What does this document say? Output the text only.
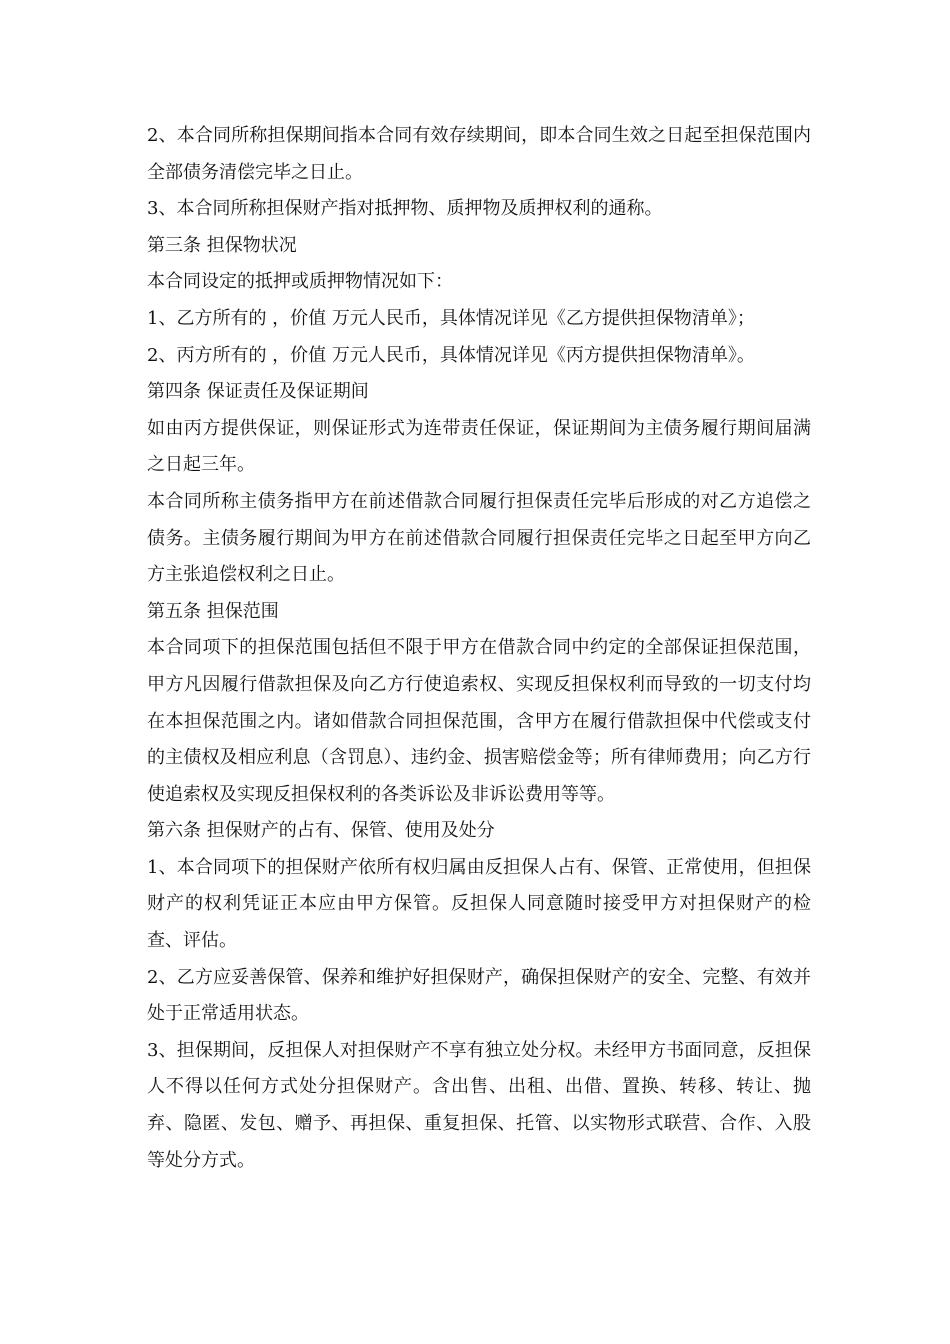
2、本合同所称担保期间指本合同有效存续期间，即本合同生效之日起至担保范围内全部债务清偿完毕之日止。

3、本合同所称担保财产指对抵押物、质押物及质押权利的通称。

第三条 担保物状况

本合同设定的抵押或质押物情况如下：

1、乙方所有的 ，价值 万元人民币，具体情况详见《乙方提供担保物清单》；

2、丙方所有的 ，价值 万元人民币，具体情况详见《丙方提供担保物清单》。

第四条 保证责任及保证期间

如由丙方提供保证，则保证形式为连带责任保证，保证期间为主债务履行期间届满之日起三年。

本合同所称主债务指甲方在前述借款合同履行担保责任完毕后形成的对乙方追偿之债务。主债务履行期间为甲方在前述借款合同履行担保责任完毕之日起至甲方向乙方主张追偿权利之日止。

第五条 担保范围

本合同项下的担保范围包括但不限于甲方在借款合同中约定的全部保证担保范围，甲方凡因履行借款担保及向乙方行使追索权、实现反担保权利而导致的一切支付均在本担保范围之内。诸如借款合同担保范围，含甲方在履行借款担保中代偿或支付的主债权及相应利息（含罚息）、违约金、损害赔偿金等；所有律师费用；向乙方行使追索权及实现反担保权利的各类诉讼及非诉讼费用等等。

第六条 担保财产的占有、保管、使用及处分

1、本合同项下的担保财产依所有权归属由反担保人占有、保管、正常使用，但担保财产的权利凭证正本应由甲方保管。反担保人同意随时接受甲方对担保财产的检查、评估。

2、乙方应妥善保管、保养和维护好担保财产，确保担保财产的安全、完整、有效并处于正常适用状态。

3、担保期间，反担保人对担保财产不享有独立处分权。未经甲方书面同意，反担保人不得以任何方式处分担保财产。含出售、出租、出借、置换、转移、转让、抛弃、隐匿、发包、赠予、再担保、重复担保、托管、以实物形式联营、合作、入股等处分方式。
